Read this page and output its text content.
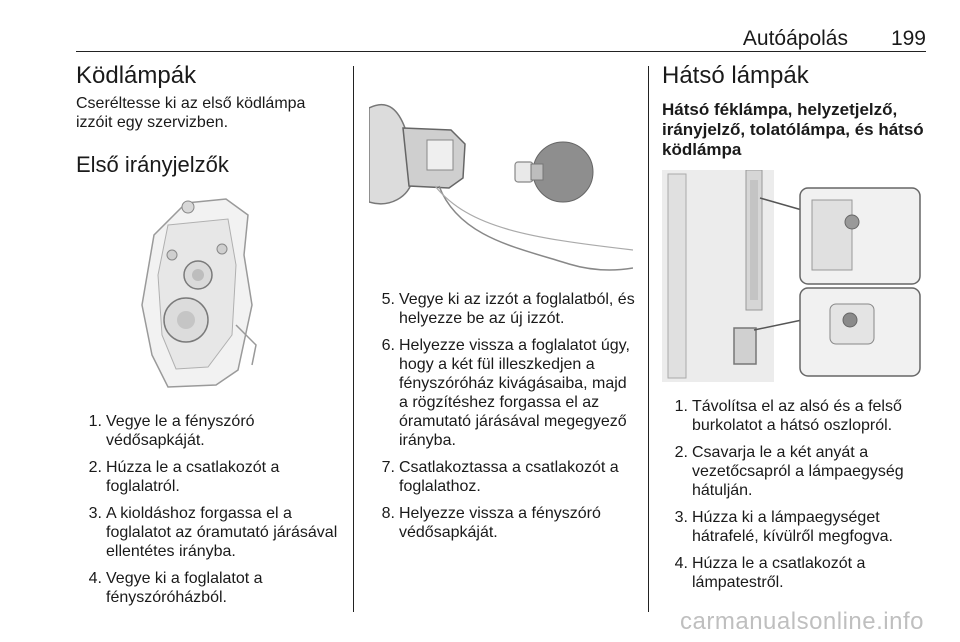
Autóápolás 199
Ködlámpák

Cseréltesse ki az első ködlámpa izzóit egy szervizben.

Első irányjelzők
1. Vegye le a fényszóró védősapkáját.
2. Húzza le a csatlakozót a foglalatról.
3. A kioldáshoz forgassa el a foglalatot az óramutató járásával ellentétes irányba.
4. Vegye ki a foglalatot a fényszóróházból.
5. Vegye ki az izzót a foglalatból, és helyezze be az új izzót.
6. Helyezze vissza a foglalatot úgy, hogy a két fül illeszkedjen a fényszóróház kivágásaiba, majd a rögzítéshez forgassa el az óramutató járásával megegyező irányba.
7. Csatlakoztassa a csatlakozót a foglalathoz.
8. Helyezze vissza a fényszóró védősapkáját.
Hátsó lámpák
Hátsó féklámpa, helyzetjelző, irányjelző, tolatólámpa, és hátsó ködlámpa
1. Távolítsa el az alsó és a felső burkolatot a hátsó oszlopról.
2. Csavarja le a két anyát a vezetőcsapról a lámpaegység hátulján.
3. Húzza ki a lámpaegységet hátrafelé, kívülről megfogva.
4. Húzza le a csatlakozót a lámpatestről.
carmanualsonline.info
